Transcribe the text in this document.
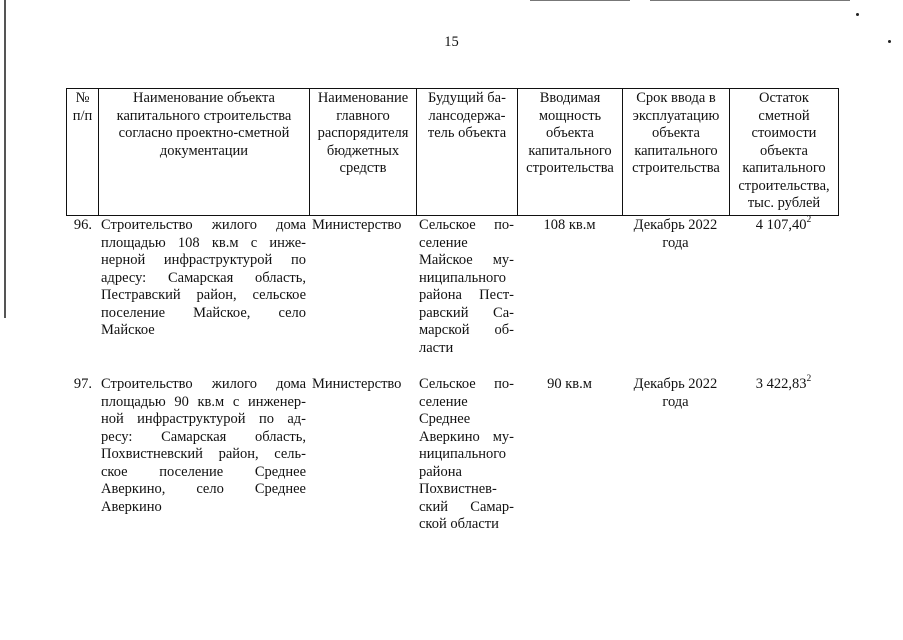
15
№ п/п	Наименование объекта капитального строительства согласно проектно-сметной документации	Наименование главного распорядителя бюджетных средств	Будущий ба-лансодержа-тель объекта	Вводимая мощность объекта капитального строительства	Срок ввода в эксплуатацию объекта капитального строительства	Остаток сметной стоимости объекта капитального строительства, тыс. рублей
96.	Строительство жилого дома площадью 108 кв.м с инже-нерной инфраструктурой по адресу: Самарская область, Пестравский район, сельское поселение Майское, село Майское	Министерство	Сельское по-селение Майское му-ниципального района Пест-равский Са-марской об-ласти	108 кв.м	Декабрь 2022 года	4 107,40$^2$

97.	Строительство жилого дома площадью 90 кв.м с инженер-ной инфраструктурой по ад-ресу: Самарская область, Похвистневский район, сель-ское поселение Среднее Аверкино, село Среднее Аверкино	Министерство	Сельское по-селение Среднее Аверкино му-ниципального района Похвистнев-ский Самар-ской области	90 кв.м	Декабрь 2022 года	3 422,83$^2$
